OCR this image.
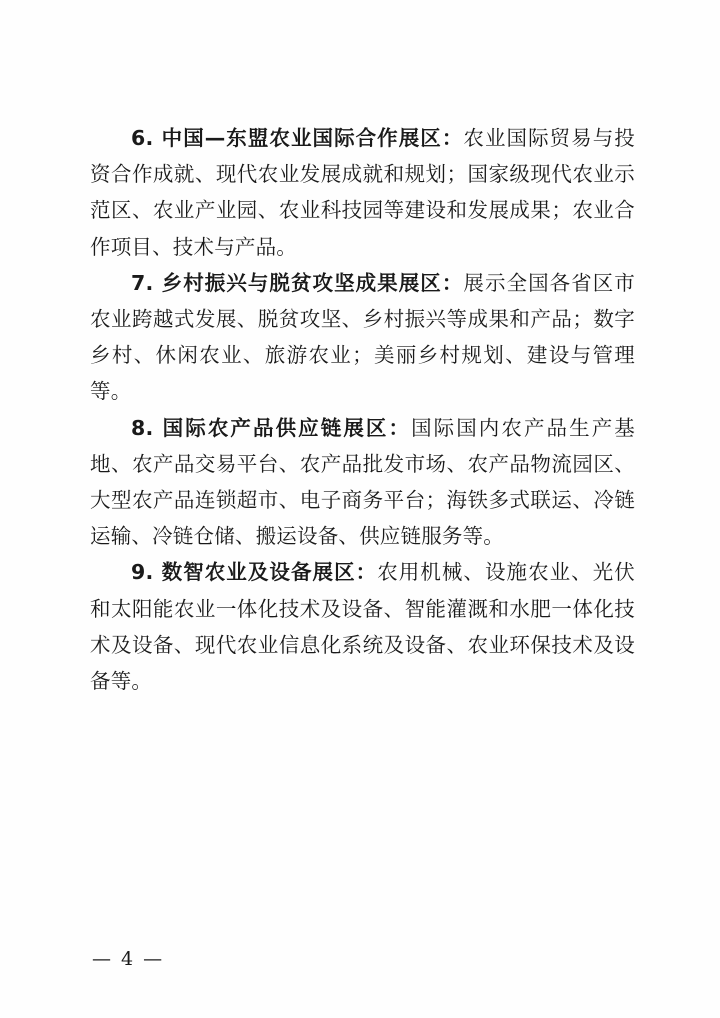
6. 中国—东盟农业国际合作展区：农业国际贸易与投资合作成就、现代农业发展成就和规划；国家级现代农业示范区、农业产业园、农业科技园等建设和发展成果；农业合作项目、技术与产品。

7. 乡村振兴与脱贫攻坚成果展区：展示全国各省区市农业跨越式发展、脱贫攻坚、乡村振兴等成果和产品；数字乡村、休闲农业、旅游农业；美丽乡村规划、建设与管理等。

8. 国际农产品供应链展区：国际国内农产品生产基地、农产品交易平台、农产品批发市场、农产品物流园区、大型农产品连锁超市、电子商务平台；海铁多式联运、冷链运输、冷链仓储、搬运设备、供应链服务等。

9. 数智农业及设备展区：农用机械、设施农业、光伏和太阳能农业一体化技术及设备、智能灌溉和水肥一体化技术及设备、现代农业信息化系统及设备、农业环保技术及设备等。

— 4 —
